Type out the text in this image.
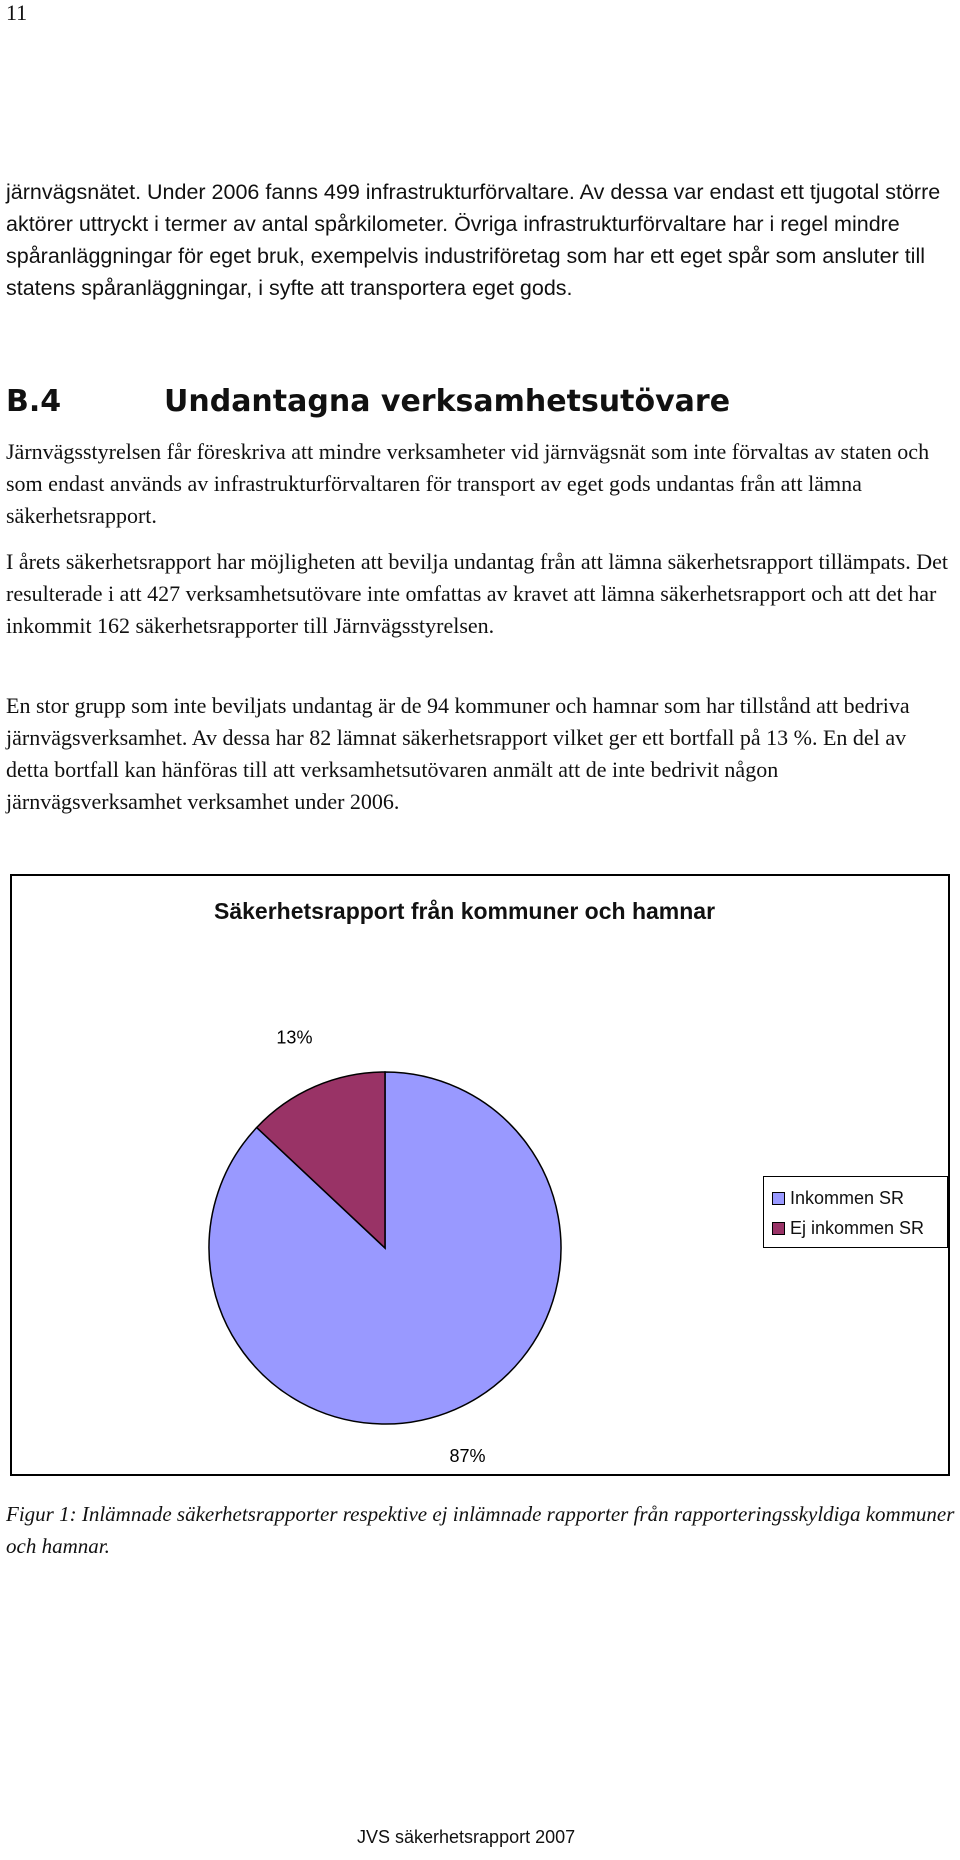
11

järnvägsnätet. Under 2006 fanns 499 infrastrukturförvaltare. Av dessa var endast ett tjugotal större aktörer uttryckt i termer av antal spårkilometer. Övriga infrastrukturförvaltare har i regel mindre spåranläggningar för eget bruk, exempelvis industriföretag som har ett eget spår som ansluter till statens spåranläggningar, i syfte att transportera eget gods.

B.4	Undantagna verksamhetsutövare

Järnvägsstyrelsen får föreskriva att mindre verksamheter vid järnvägsnät som inte förvaltas av staten och som endast används av infrastrukturförvaltaren för transport av eget gods undantas från att lämna säkerhetsrapport.

I årets säkerhetsrapport har möjligheten att bevilja undantag från att lämna säkerhetsrapport tillämpats. Det resulterade i att 427 verksamhetsutövare inte omfattas av kravet att lämna säkerhetsrapport och att det har inkommit 162 säkerhetsrapporter till Järnvägsstyrelsen.

En stor grupp som inte beviljats undantag är de 94 kommuner och hamnar som har tillstånd att bedriva järnvägsverksamhet. Av dessa har 82 lämnat säkerhetsrapport vilket ger ett bortfall på 13 %. En del av detta bortfall kan hänföras till att verksamhetsutövaren anmält att de inte bedrivit någon järnvägsverksamhet verksamhet under 2006.

Säkerhetsrapport från kommuner och hamnar
87%
13%
Inkommen SR
Ej inkommen SR

Figur 1: Inlämnade säkerhetsrapporter respektive ej inlämnade rapporter från rapporteringsskyldiga kommuner och hamnar.

JVS säkerhetsrapport 2007
